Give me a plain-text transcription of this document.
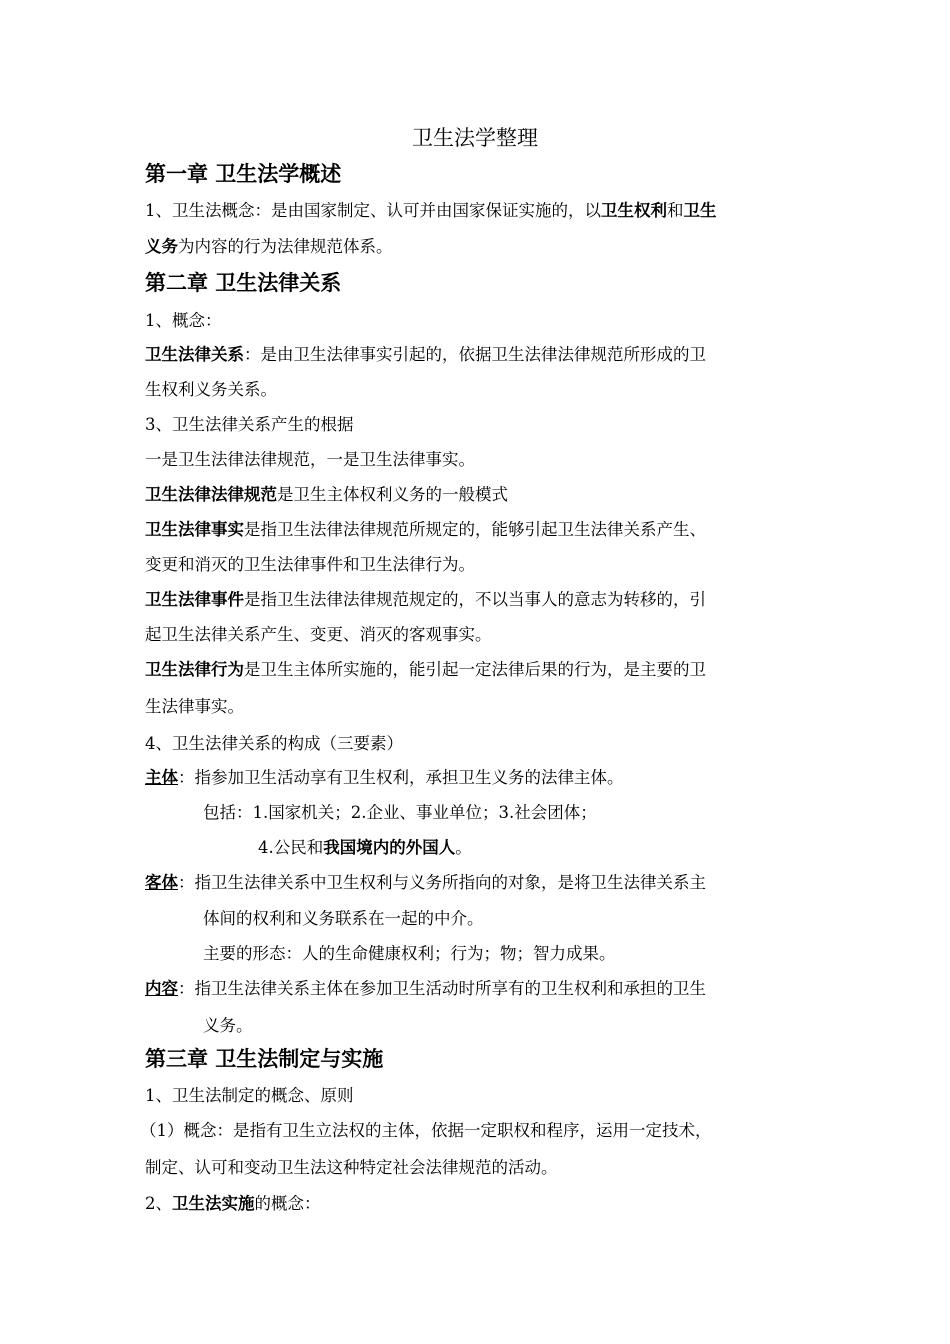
卫生法学整理
第一章 卫生法学概述
1、卫生法概念：是由国家制定、认可并由国家保证实施的，以卫生权利和卫生
义务为内容的行为法律规范体系。
第二章 卫生法律关系
1、概念：
卫生法律关系：是由卫生法律事实引起的，依据卫生法律法律规范所形成的卫
生权利义务关系。
3、卫生法律关系产生的根据
一是卫生法律法律规范，一是卫生法律事实。
卫生法律法律规范是卫生主体权利义务的一般模式
卫生法律事实是指卫生法律法律规范所规定的，能够引起卫生法律关系产生、
变更和消灭的卫生法律事件和卫生法律行为。
卫生法律事件是指卫生法律法律规范规定的，不以当事人的意志为转移的，引
起卫生法律关系产生、变更、消灭的客观事实。
卫生法律行为是卫生主体所实施的，能引起一定法律后果的行为，是主要的卫
生法律事实。
4、卫生法律关系的构成（三要素）
主体：指参加卫生活动享有卫生权利，承担卫生义务的法律主体。
包括：1.国家机关；2.企业、事业单位；3.社会团体；
4.公民和我国境内的外国人。
客体：指卫生法律关系中卫生权利与义务所指向的对象，是将卫生法律关系主
体间的权利和义务联系在一起的中介。
主要的形态：人的生命健康权利；行为；物；智力成果。
内容：指卫生法律关系主体在参加卫生活动时所享有的卫生权利和承担的卫生
义务。
第三章 卫生法制定与实施
1、卫生法制定的概念、原则
（1）概念：是指有卫生立法权的主体，依据一定职权和程序，运用一定技术，
制定、认可和变动卫生法这种特定社会法律规范的活动。
2、卫生法实施的概念：
